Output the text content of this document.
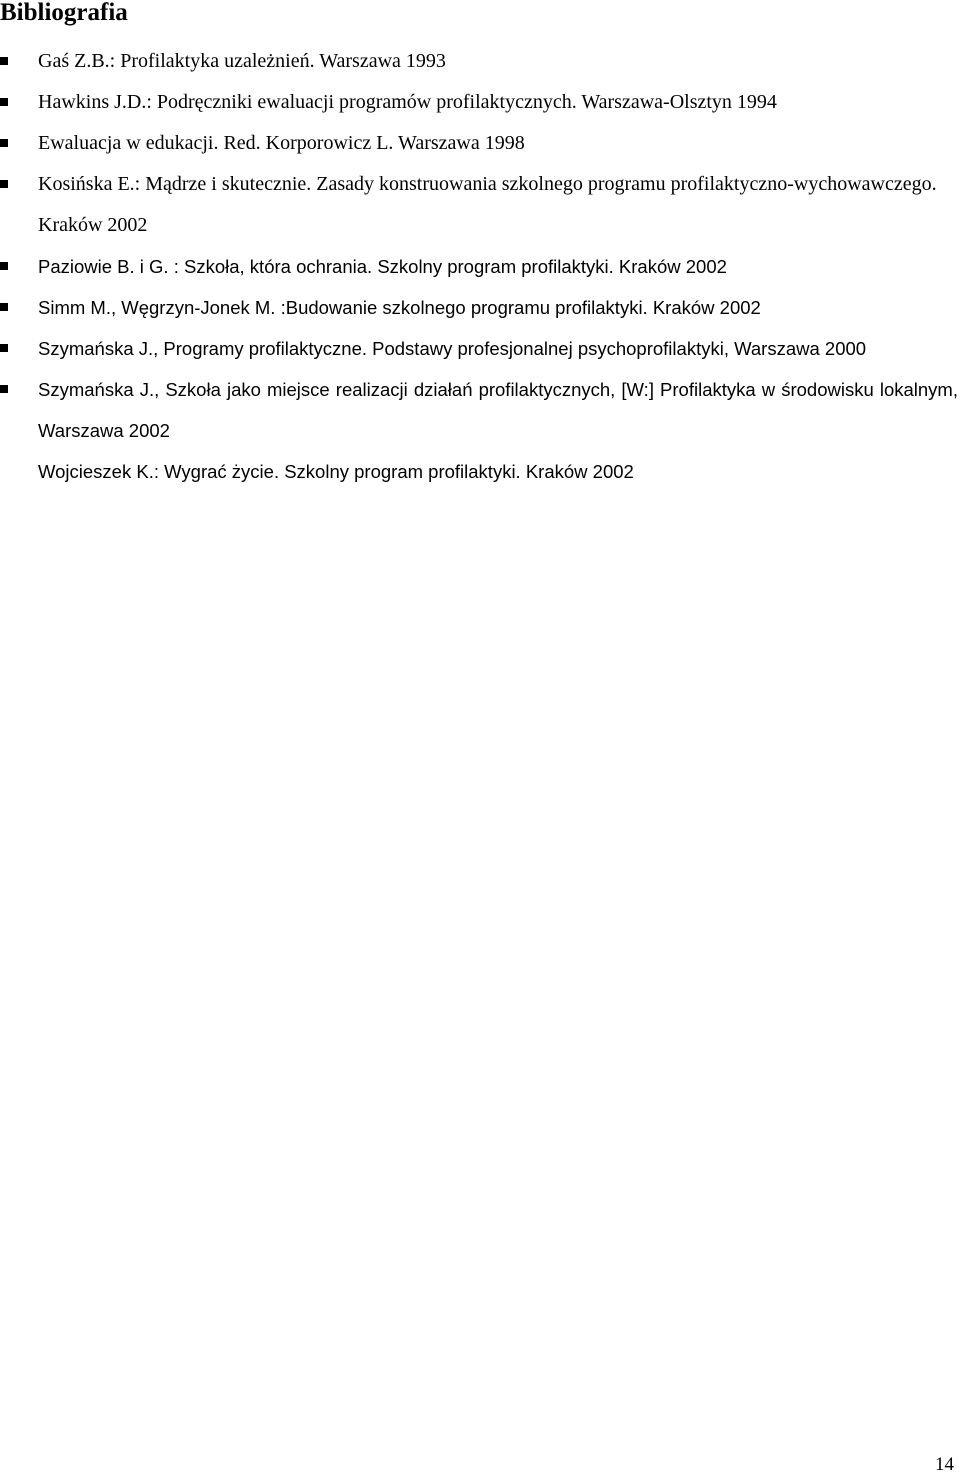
Bibliografia
Gaś Z.B.: Profilaktyka uzależnień. Warszawa 1993
Hawkins J.D.: Podręczniki ewaluacji programów profilaktycznych. Warszawa-Olsztyn 1994
Ewaluacja w edukacji. Red. Korporowicz L. Warszawa 1998
Kosińska E.: Mądrze i skutecznie. Zasady konstruowania szkolnego programu profilaktyczno-wychowawczego. Kraków 2002
Paziowie B. i G. : Szkoła, która ochrania. Szkolny program profilaktyki. Kraków 2002
Simm M., Węgrzyn-Jonek M. :Budowanie szkolnego programu profilaktyki. Kraków 2002
Szymańska J., Programy profilaktyczne. Podstawy profesjonalnej psychoprofilaktyki, Warszawa 2000
Szymańska J., Szkoła jako miejsce realizacji działań profilaktycznych, [W:] Profilaktyka w środowisku lokalnym, Warszawa 2002
Wojcieszek K.: Wygrać życie. Szkolny program profilaktyki. Kraków 2002
14
